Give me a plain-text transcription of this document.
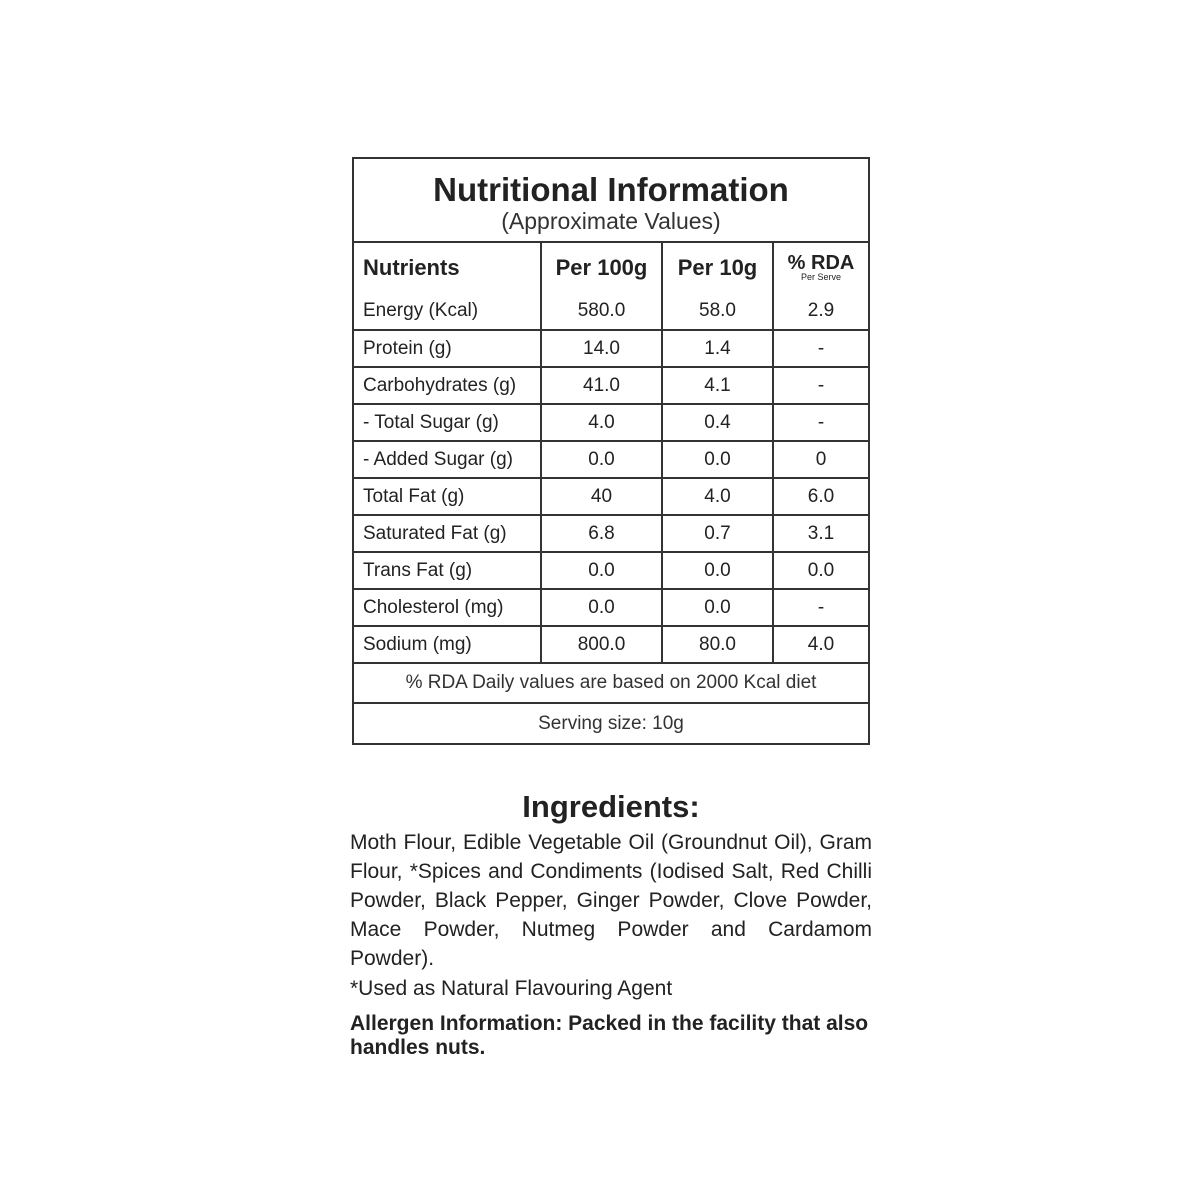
Nutritional Information
(Approximate Values)
Nutrients	Per 100g	Per 10g	% RDA
Per Serve

Energy (Kcal)	580.0	58.0	2.9
Protein (g)	14.0	1.4	-
Carbohydrates (g)	41.0	4.1	-
- Total Sugar (g)	4.0	0.4	-
- Added Sugar (g)	0.0	0.0	0
Total Fat (g)	40	4.0	6.0
Saturated Fat (g)	6.8	0.7	3.1
Trans Fat (g)	0.0	0.0	0.0
Cholesterol (mg)	0.0	0.0	-
Sodium (mg)	800.0	80.0	4.0
% RDA Daily values are based on 2000 Kcal diet			
Serving size: 10g			
Ingredients:
Moth Flour, Edible Vegetable Oil (Groundnut Oil), Gram Flour, *Spices and Condiments (Iodised Salt, Red Chilli Powder, Black Pepper, Ginger Powder, Clove Powder, Mace Powder, Nutmeg Powder and Cardamom Powder).
*Used as Natural Flavouring Agent
Allergen Information: Packed in the facility that also handles nuts.
